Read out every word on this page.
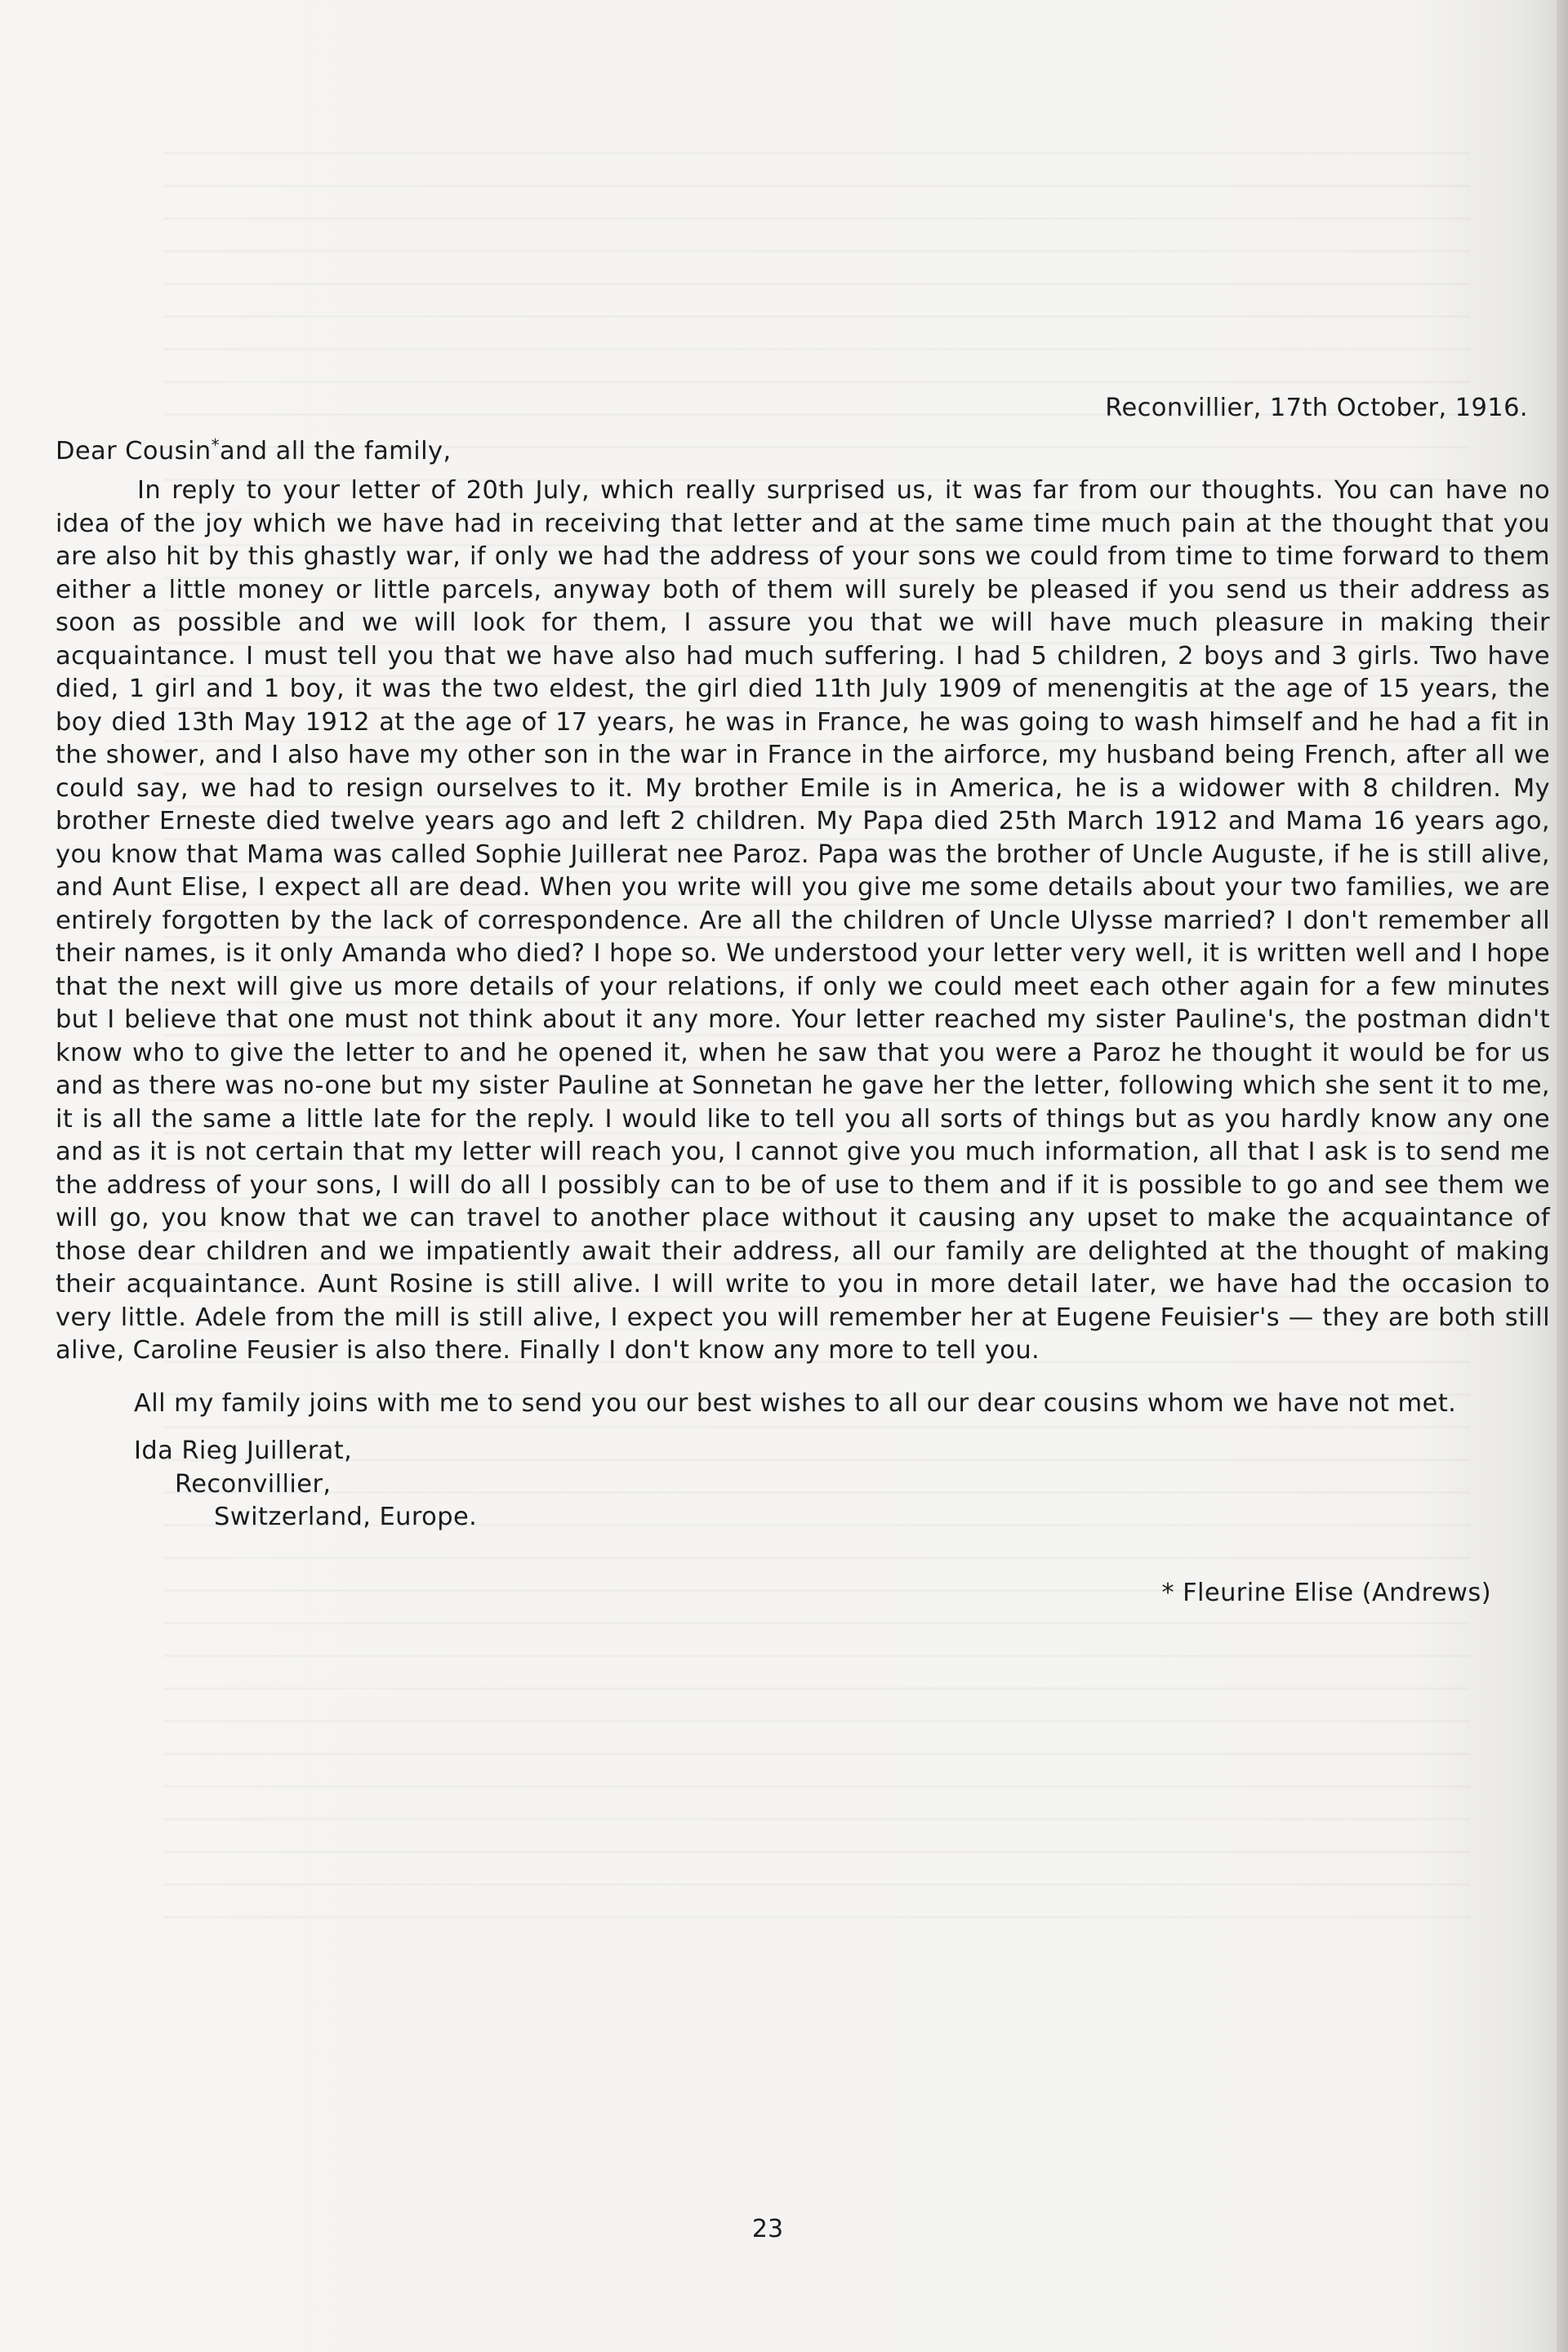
Reconvillier, 17th October, 1916.

Dear Cousin*and all the family,

In reply to your letter of 20th July, which really surprised us, it was far from our thoughts. You can have no idea of the joy which we have had in receiving that letter and at the same time much pain at the thought that you are also hit by this ghastly war, if only we had the address of your sons we could from time to time forward to them either a little money or little parcels, anyway both of them will surely be pleased if you send us their address as soon as possible and we will look for them, I assure you that we will have much pleasure in making their acquaintance. I must tell you that we have also had much suffering. I had 5 children, 2 boys and 3 girls. Two have died, 1 girl and 1 boy, it was the two eldest, the girl died 11th July 1909 of menengitis at the age of 15 years, the boy died 13th May 1912 at the age of 17 years, he was in France, he was going to wash himself and he had a fit in the shower, and I also have my other son in the war in France in the airforce, my husband being French, after all we could say, we had to resign ourselves to it. My brother Emile is in America, he is a widower with 8 children. My brother Erneste died twelve years ago and left 2 children. My Papa died 25th March 1912 and Mama 16 years ago, you know that Mama was called Sophie Juillerat nee Paroz. Papa was the brother of Uncle Auguste, if he is still alive, and Aunt Elise, I expect all are dead. When you write will you give me some details about your two families, we are entirely forgotten by the lack of correspondence. Are all the children of Uncle Ulysse married? I don't remember all their names, is it only Amanda who died? I hope so. We understood your letter very well, it is written well and I hope that the next will give us more details of your relations, if only we could meet each other again for a few minutes but I believe that one must not think about it any more. Your letter reached my sister Pauline's, the postman didn't know who to give the letter to and he opened it, when he saw that you were a Paroz he thought it would be for us and as there was no-one but my sister Pauline at Sonnetan he gave her the letter, following which she sent it to me, it is all the same a little late for the reply. I would like to tell you all sorts of things but as you hardly know any one and as it is not certain that my letter will reach you, I cannot give you much information, all that I ask is to send me the address of your sons, I will do all I possibly can to be of use to them and if it is possible to go and see them we will go, you know that we can travel to another place without it causing any upset to make the acquaintance of those dear children and we impatiently await their address, all our family are delighted at the thought of making their acquaintance. Aunt Rosine is still alive. I will write to you in more detail later, we have had the occasion to very little. Adele from the mill is still alive, I expect you will remember her at Eugene Feuisier's — they are both still alive, Caroline Feusier is also there. Finally I don't know any more to tell you.

All my family joins with me to send you our best wishes to all our dear cousins whom we have not met.

Ida Rieg Juillerat,
Reconvillier,
Switzerland, Europe.
* Fleurine Elise (Andrews)
23
